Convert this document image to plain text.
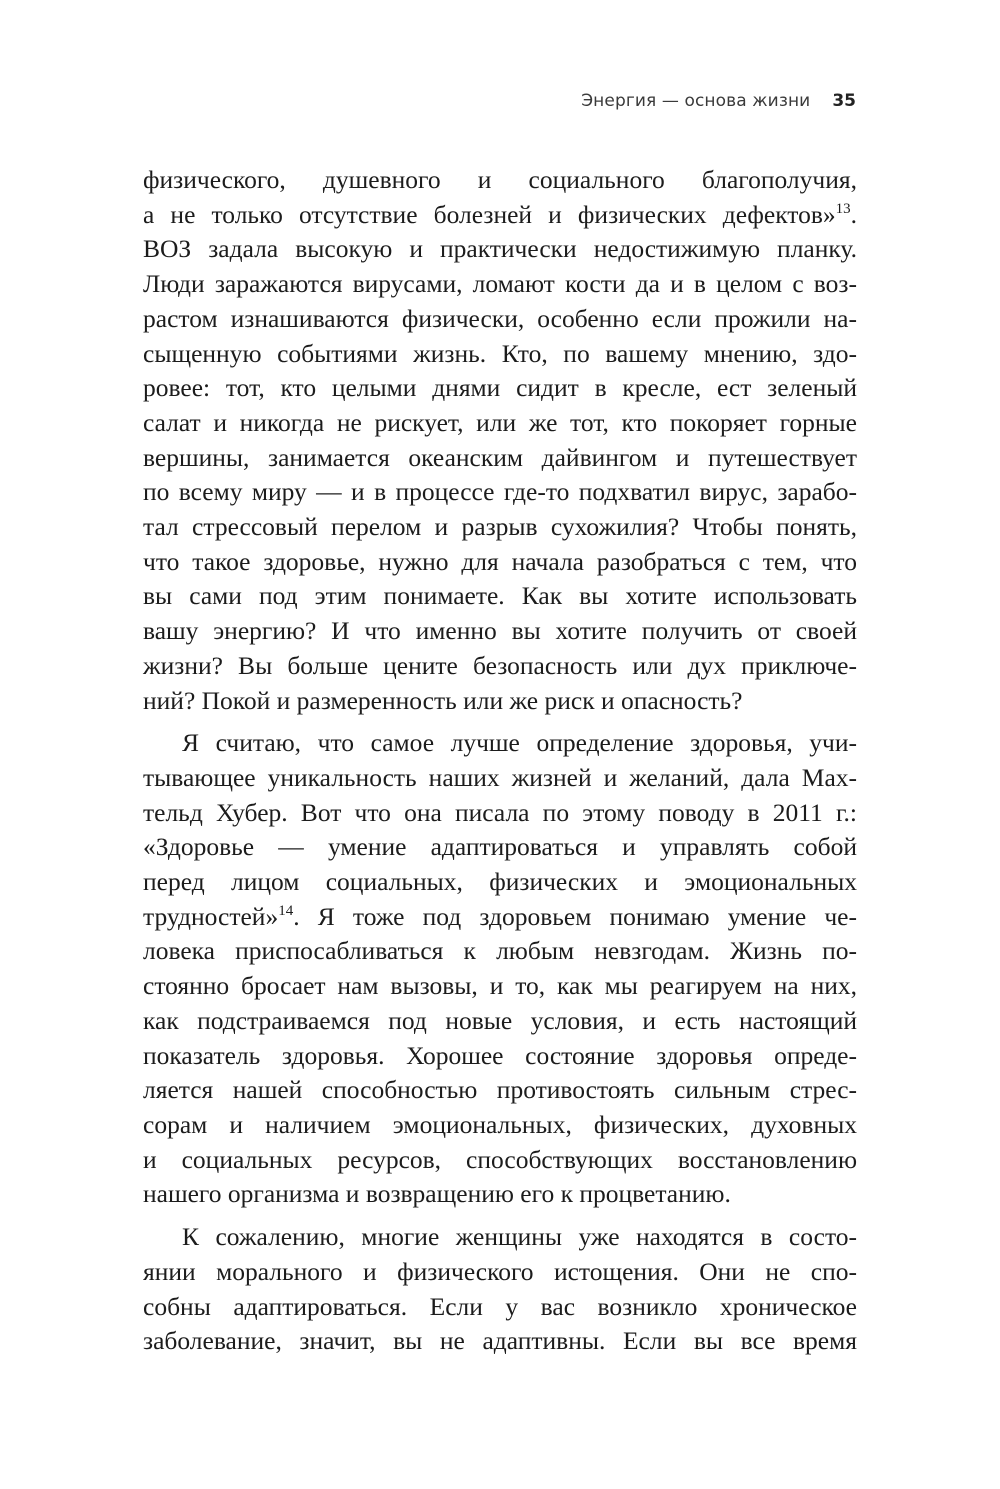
Энергия — основа жизни 35
физического, душевного и социального благополучия,
а не только отсутствие болезней и физических дефектов»$^{13}$.
ВОЗ задала высокую и практически недостижимую планку.
Люди заражаются вирусами, ломают кости да и в целом с воз-
растом изнашиваются физически, особенно если прожили на-
сыщенную событиями жизнь. Кто, по вашему мнению, здо-
ровее: тот, кто целыми днями сидит в кресле, ест зеленый
салат и никогда не рискует, или же тот, кто покоряет горные
вершины, занимается океанским дайвингом и путешествует
по всему миру — и в процессе где-то подхватил вирус, зарабо-
тал стрессовый перелом и разрыв сухожилия? Чтобы понять,
что такое здоровье, нужно для начала разобраться с тем, что
вы сами под этим понимаете. Как вы хотите использовать
вашу энергию? И что именно вы хотите получить от своей
жизни? Вы больше цените безопасность или дух приключе-
ний? Покой и размеренность или же риск и опасность?
Я считаю, что самое лучше определение здоровья, учи-
тывающее уникальность наших жизней и желаний, дала Мах-
тельд Хубер. Вот что она писала по этому поводу в 2011 г.:
«Здоровье — умение адаптироваться и управлять собой
перед лицом социальных, физических и эмоциональных
трудностей»$^{14}$. Я тоже под здоровьем понимаю умение че-
ловека приспосабливаться к любым невзгодам. Жизнь по-
стоянно бросает нам вызовы, и то, как мы реагируем на них,
как подстраиваемся под новые условия, и есть настоящий
показатель здоровья. Хорошее состояние здоровья опреде-
ляется нашей способностью противостоять сильным стрес-
сорам и наличием эмоциональных, физических, духовных
и социальных ресурсов, способствующих восстановлению
нашего организма и возвращению его к процветанию.
К сожалению, многие женщины уже находятся в состо-
янии морального и физического истощения. Они не спо-
собны адаптироваться. Если у вас возникло хроническое
заболевание, значит, вы не адаптивны. Если вы все время
